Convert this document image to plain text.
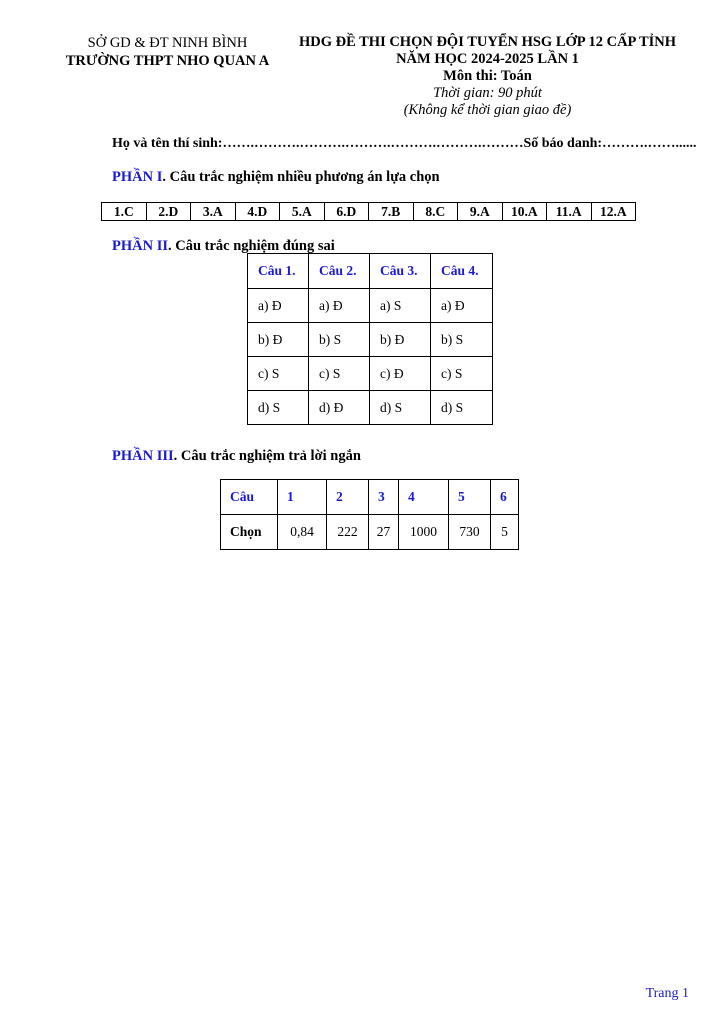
SỞ GD & ĐT NINH BÌNH
TRƯỜNG THPT NHO QUAN A
HDG ĐỀ THI CHỌN ĐỘI TUYỂN HSG LỚP 12 CẤP TỈNH
NĂM HỌC 2024-2025 LẦN 1
Môn thi: Toán
Thời gian: 90 phút
(Không kể thời gian giao đề)
Họ và tên thí sinh:…….……….……….……….……….……….………Số báo danh:……….……......
PHẦN I. Câu trắc nghiệm nhiều phương án lựa chọn
1.C	2.D	3.A	4.D	5.A	6.D	7.B	8.C	9.A	10.A	11.A	12.A
PHẦN II. Câu trắc nghiệm đúng sai
Câu 1.	Câu 2.	Câu 3.	Câu 4.
a) Đ	a) Đ	a) S	a) Đ
b) Đ	b) S	b) Đ	b) S
c) S	c) S	c) Đ	c) S
d) S	d) Đ	d) S	d) S
PHẦN III. Câu trắc nghiệm trả lời ngắn
Câu	1	2	3	4	5	6
Chọn	0,84	222	27	1000	730	5
Trang 1
